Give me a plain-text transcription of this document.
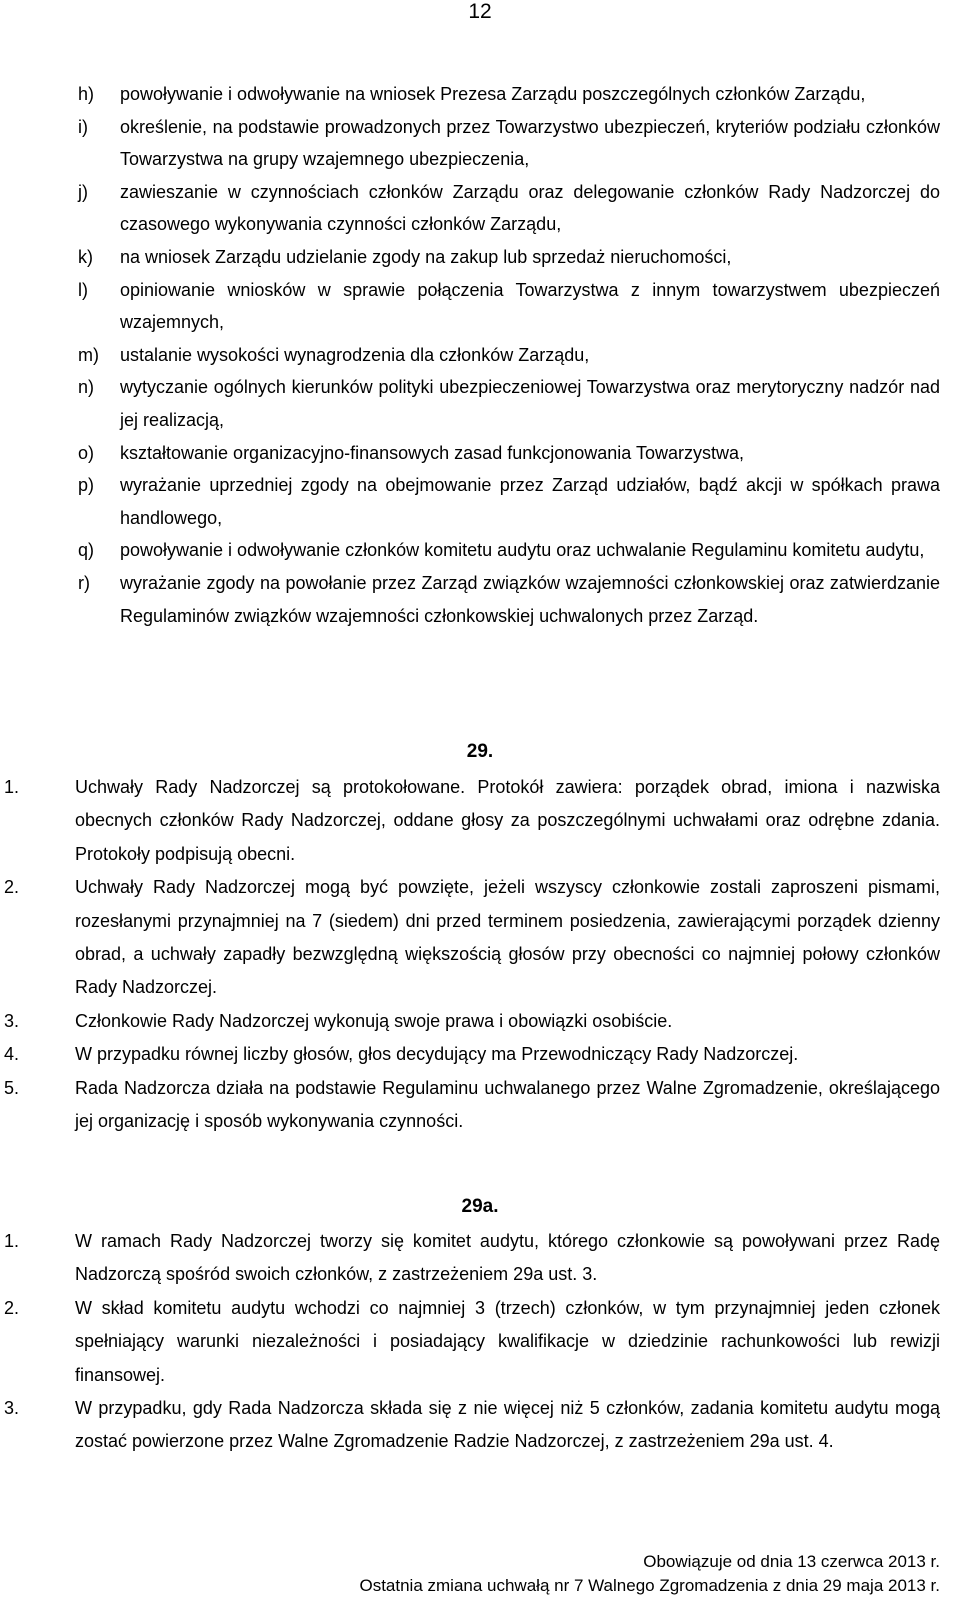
12
h)	powoływanie i odwoływanie na wniosek Prezesa Zarządu poszczególnych członków Zarządu,
i)	określenie, na podstawie prowadzonych przez Towarzystwo ubezpieczeń, kryteriów podziału członków Towarzystwa na grupy wzajemnego ubezpieczenia,
j)	zawieszanie w czynnościach członków Zarządu oraz delegowanie członków Rady Nadzorczej do czasowego wykonywania czynności członków Zarządu,
k)	na wniosek Zarządu udzielanie zgody na zakup lub sprzedaż nieruchomości,
l)	opiniowanie wniosków w sprawie połączenia Towarzystwa z innym towarzystwem ubezpieczeń wzajemnych,
m)	ustalanie wysokości wynagrodzenia dla członków Zarządu,
n)	wytyczanie ogólnych kierunków polityki ubezpieczeniowej Towarzystwa oraz merytoryczny nadzór nad jej realizacją,
o)	kształtowanie organizacyjno-finansowych zasad funkcjonowania Towarzystwa,
p)	wyrażanie uprzedniej zgody na obejmowanie przez Zarząd udziałów, bądź akcji w spółkach prawa handlowego,
q)	powoływanie i odwoływanie członków komitetu audytu oraz uchwalanie Regulaminu komitetu audytu,
r)	wyrażanie zgody na powołanie przez Zarząd związków wzajemności członkowskiej oraz zatwierdzanie Regulaminów związków wzajemności członkowskiej uchwalonych przez Zarząd.
29.
1.	Uchwały Rady Nadzorczej są protokołowane. Protokół zawiera: porządek obrad, imiona i nazwiska obecnych członków Rady Nadzorczej, oddane głosy za poszczególnymi uchwałami oraz odrębne zdania. Protokoły podpisują obecni.
2.	Uchwały Rady Nadzorczej mogą być powzięte, jeżeli wszyscy członkowie zostali zaproszeni pismami, rozesłanymi przynajmniej na 7 (siedem) dni przed terminem posiedzenia, zawierającymi porządek dzienny obrad, a uchwały zapadły bezwzględną większością głosów przy obecności co najmniej połowy członków Rady Nadzorczej.
3.	Członkowie Rady Nadzorczej wykonują swoje prawa i obowiązki osobiście.
4.	W przypadku równej liczby głosów, głos decydujący ma Przewodniczący Rady Nadzorczej.
5.	Rada Nadzorcza działa na podstawie Regulaminu uchwalanego przez Walne Zgromadzenie, określającego jej organizację i sposób wykonywania czynności.
29a.
1.	W ramach Rady Nadzorczej tworzy się komitet audytu, którego członkowie są powoływani przez Radę Nadzorczą spośród swoich członków, z zastrzeżeniem 29a ust. 3.
2.	W skład komitetu audytu wchodzi co najmniej 3 (trzech) członków, w tym przynajmniej jeden członek spełniający warunki niezależności i posiadający kwalifikacje w dziedzinie rachunkowości lub rewizji finansowej.
3.	W przypadku, gdy Rada Nadzorcza składa się z nie więcej niż 5 członków, zadania komitetu audytu mogą zostać powierzone przez Walne Zgromadzenie Radzie Nadzorczej, z zastrzeżeniem 29a ust. 4.
Obowiązuje od dnia 13 czerwca 2013 r.
Ostatnia zmiana uchwałą nr 7 Walnego Zgromadzenia z dnia 29 maja 2013 r.
